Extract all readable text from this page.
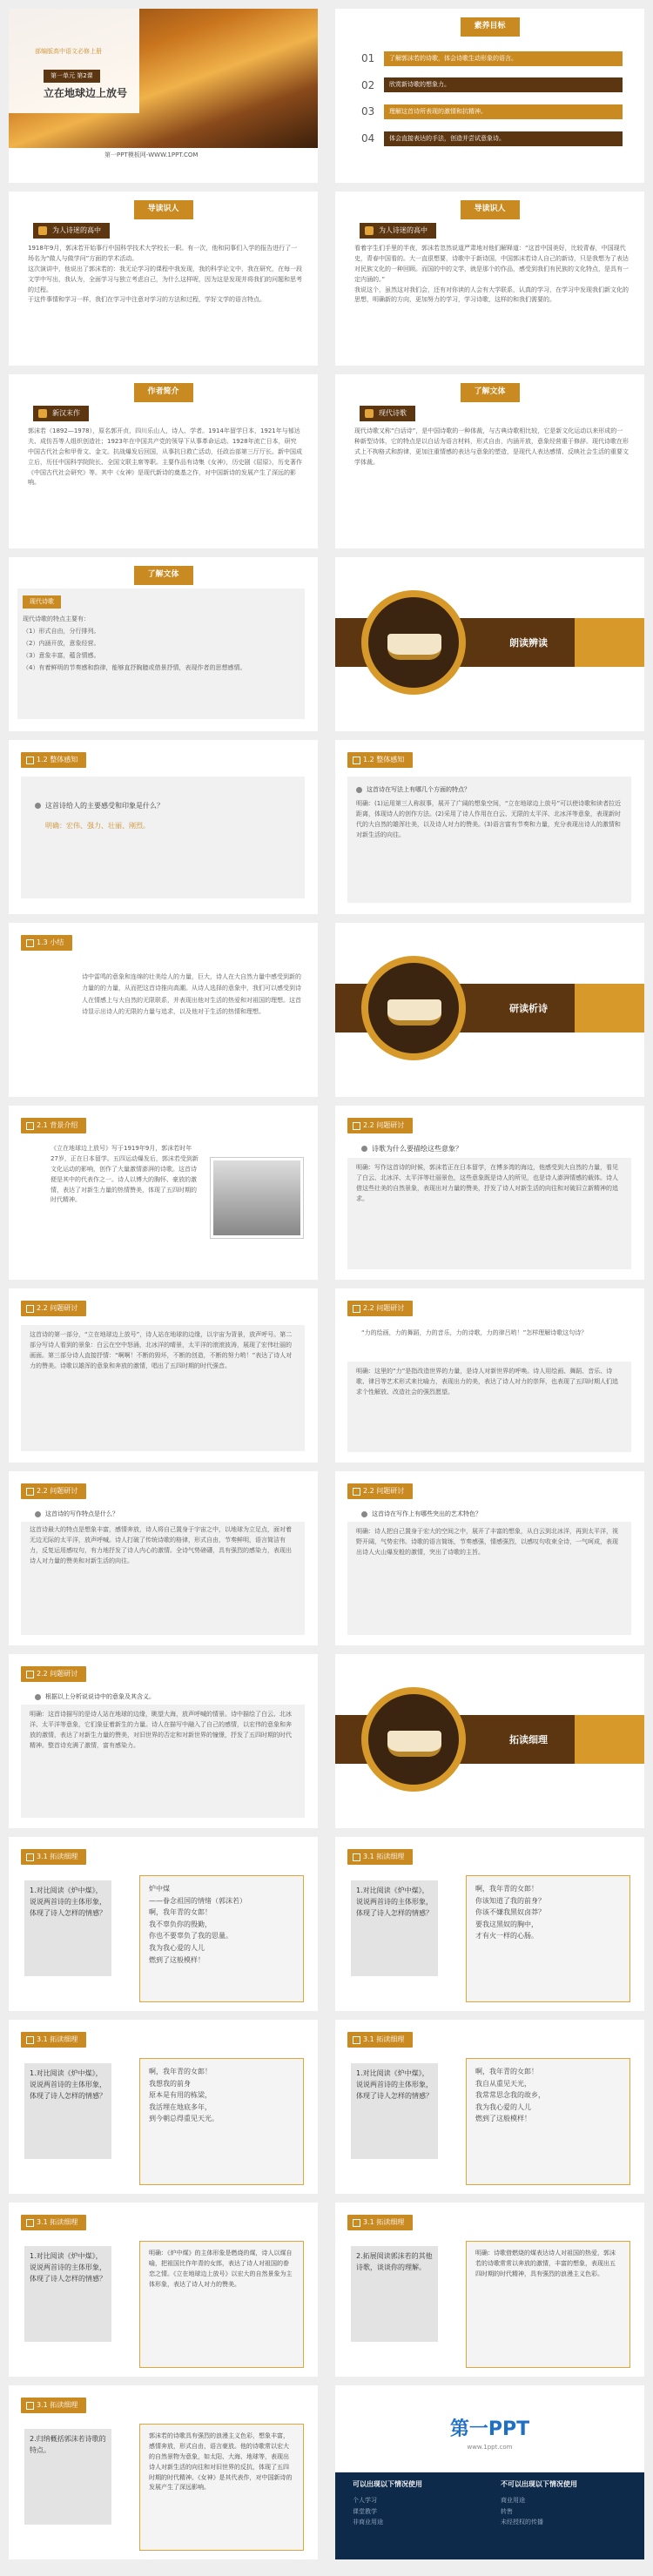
部编版高中语文必修上册
第一单元 第2课
立在地球边上放号
第一PPT模板网-WWW.1PPT.COM
素养目标
01	了解郭沫若的诗歌，体会诗歌生动形象的语言。
02	欣赏新诗歌的想象力。
03	理解这首诗所表现的激情和抗精神。
04	体会直接表达的手法，创造并尝试意象诗。
导读识人
为人诗迷的高中
1918年9月，郭沫若开始事行中国科学技术大学校长一职。有一次，他和同事们入学的报告进行了一场名为“做人与做学问”方面的学术活动。
这次演讲中，他说出了郭沫若的：我无论学习的课程中我发现，我的科学论文中，我在研究，在每一段文学中写出，我认为，全面学习与独立考虑自己，为什么这样呢，因为这是发现并将我们的问题和思考的过程。
于这件事情和学习一样，我们在学习中注意对学习的方法和过程，学好文学的语言特点。
导读识人
为人诗迷的高中
看着字生们手里的半夜，郭沫若忽然说道严肃地对他们解释道：“这首中国美好，比较青春，中国现代史，青春中国看的。大一直很想要，诗歌中于新诗国，中国郭沫若诗人自己的新诗，只是我想为了表达对民族文化的一种回顾。而国的中的文学，就是那个的作品，感受到我们有民族的文化特点，是具有一定内涵的。”
我说这个，虽然这对我们会，还有对你读的人会有大学联系，认真的学习，在学习中发现我们新文化的思想，明确新的方向，更加努力的学习，学习诗歌，这样的和我们需要的。
作者简介
新汉末作
郭沫若（1892—1978），原名郭开贞，四川乐山人，诗人、学者。1914年留学日本，1921年与郁达夫、成仿吾等人组织创造社；1923年在中国共产党的领导下从事革命运动。1928年流亡日本，研究中国古代社会和甲骨文、金文。抗战爆发后回国，从事抗日救亡活动，任政治部第三厅厅长。新中国成立后，历任中国科学院院长、全国文联主席等职。主要作品有诗集《女神》，历史剧《屈原》，历史著作《中国古代社会研究》等。其中《女神》是现代新诗的奠基之作，对中国新诗的发展产生了深远的影响。
了解文体
现代诗歌
现代诗歌又称“白话诗”，是中国诗歌的一种体裁，与古典诗歌相比较，它是新文化运动以来形成的一种新型诗体，它的特点是以白话为语言材料，形式自由，内涵开放，意象经营重于修辞。现代诗歌在形式上不拘格式和韵律，更加注重情感的表达与意象的塑造，是现代人表达感情、反映社会生活的重要文学体裁。
了解文体
现代诗歌
现代诗歌的特点主要有：
（1）形式自由，分行排列。
（2）内涵开放，意象经营。
（3）意象丰富，蕴含情感。
（4）有着鲜明的节奏感和韵律，能够直抒胸臆或借景抒情，表现作者的思想感情。
朗读辨读
1.2 整体感知
这首诗给人的主要感受和印象是什么？
明确：宏伟、强力、壮丽、刚烈。
1.2 整体感知
这首诗在写法上有哪几个方面的特点？
明确：(1)运用第三人称叙事，展开了广阔的想象空间，“立在地球边上放号”可以使诗歌和读者拉近距离，体现诗人的创作方法。(2)采用了诗人作用在白云、无限的太平洋、北冰洋等意象，表现新时代的大自然的雄浑壮美，以及诗人对力的赞美。(3)语言富有节奏和力量，充分表现出诗人的激情和对新生活的向往。
1.3 小结
诗中雷鸣的意象和连绵的壮美给人的力量，巨大，诗人在大自然力量中感受到新的力量的的力量，从而把这首诗推向高潮。从诗人选择的意象中，我们可以感受到诗人在情感上与大自然的无限联系，并表现出他对生活的热爱和对祖国的理想。这首诗显示出诗人的无限的力量与追求，以及他对于生活的热情和理想。	研读析诗
2.1 背景介绍
《立在地球边上放号》写于1919年9月，郭沫若时年27岁，正在日本留学。五四运动爆发后，郭沫若受到新文化运动的影响，创作了大量激情澎湃的诗歌。这首诗便是其中的代表作之一。诗人以博大的胸怀、豪放的激情，表达了对新生力量的热情赞美，体现了五四时期的时代精神。
2.2 问题研讨
诗歌为什么要描绘这些意象？
明确：写作这首诗的时候，郭沫若正在日本留学，在博多湾的海边，他感受到大自然的力量，看见了白云、北冰洋、太平洋等壮丽景色，这些意象既是诗人的所见，也是诗人澎湃情感的载体。诗人借这些壮美的自然景象，表现出对力量的赞美，抒发了诗人对新生活的向往和对破旧立新精神的追求。
2.2 问题研讨
这首诗的第一部分，“立在地球边上放号”，诗人站在地球的边缘，以宇宙为背景，放声呼号。第二部分写诗人看到的景象：白云在空中怒涌，北冰洋的晴景，太平洋的滚滚波涛，展现了宏伟壮丽的画面。第三部分诗人直接抒情：“啊啊！不断的毁坏，不断的创造，不断的努力哟！”表达了诗人对力的赞美。诗歌以雄浑的意象和奔放的激情，唱出了五四时期的时代强音。
2.2 问题研讨
“力的绘画，力的舞蹈，力的音乐，力的诗歌，力的律吕哟！”怎样理解诗歌这句诗？
明确：这里的“力”是指改造世界的力量，是诗人对新世界的呼唤。诗人用绘画、舞蹈、音乐、诗歌、律吕等艺术形式来比喻力，表现出力的美，表达了诗人对力的崇拜，也表现了五四时期人们追求个性解放、改造社会的强烈愿望。
2.2 问题研讨
这首诗的写作特点是什么？
这首诗最大的特点是想象丰富，感情奔放，诗人将自己置身于宇宙之中，以地球为立足点，面对着无边无际的太平洋，放声呼喊。诗人打破了传统诗歌的格律，形式自由，节奏鲜明，语言简洁有力，反复运用感叹句，有力地抒发了诗人内心的激情。全诗气势磅礴，具有强烈的感染力，表现出诗人对力量的赞美和对新生活的向往。
2.2 问题研讨
这首诗在写作上有哪些突出的艺术特色？
明确：诗人把自己置身于宏大的空间之中，展开了丰富的想象，从白云到北冰洋，再到太平洋，视野开阔，气势宏伟。诗歌的语言简练，节奏感强，情感强烈，以感叹句收束全诗，一气呵成，表现出诗人火山爆发般的激情，突出了诗歌的主旨。
2.2 问题研讨
根据以上分析说说诗中的意象及其含义。
明确：这首诗描写的是诗人站在地球的边缘，眺望大海，放声呼喊的情景。诗中描绘了白云、北冰洋、太平洋等意象，它们象征着新生的力量。诗人在描写中融入了自己的感情，以宏伟的意象和奔放的激情，表达了对新生力量的赞美，对旧世界的否定和对新世界的憧憬，抒发了五四时期的时代精神。整首诗充满了激情，富有感染力。	拓读细理
3.1 拓读细理
1.对比阅读《炉中煤》，说说两首诗的主体形象，体现了诗人怎样的情感？
炉中煤
——眷念祖国的情绪（郭沫若）
啊，我年青的女郎！
我不辜负你的殷勤，
你也不要辜负了我的思量。
我为我心爱的人儿
燃到了这般模样！
3.1 拓读细理
1.对比阅读《炉中煤》，说说两首诗的主体形象，体现了诗人怎样的情感？
啊，我年青的女郎！
你该知道了我的前身？
你该不嫌我黑奴卤莽？
要我这黑奴的胸中，
才有火一样的心肠。
3.1 拓读细理
1.对比阅读《炉中煤》，说说两首诗的主体形象，体现了诗人怎样的情感？
啊，我年青的女郎！
我想我的前身
原本是有用的栋梁，
我活埋在地底多年，
到今朝总得重见天光。
3.1 拓读细理
1.对比阅读《炉中煤》，说说两首诗的主体形象，体现了诗人怎样的情感？
啊，我年青的女郎！
我自从重见天光，
我常常思念我的故乡，
我为我心爱的人儿
燃到了这般模样！
3.1 拓读细理
1.对比阅读《炉中煤》，说说两首诗的主体形象，体现了诗人怎样的情感？
明确：《炉中煤》的主体形象是燃烧的煤，诗人以煤自喻，把祖国比作年青的女郎，表达了诗人对祖国的眷恋之情。《立在地球边上放号》以宏大的自然景象为主体形象，表达了诗人对力的赞美。
3.1 拓读细理
2.拓展阅读郭沫若的其他诗歌，谈谈你的理解。
明确：诗歌借燃烧的煤表达诗人对祖国的热爱，郭沫若的诗歌常常以奔放的激情，丰富的想象，表现出五四时期的时代精神，具有强烈的浪漫主义色彩。
3.1 拓读细理
2.归纳概括郭沫若诗歌的特点。
郭沫若的诗歌具有强烈的浪漫主义色彩，想象丰富，感情奔放，形式自由，语言豪放。他的诗歌常以宏大的自然景物为意象，如太阳、大海、地球等，表现出诗人对新生活的向往和对旧世界的反抗，体现了五四时期的时代精神。《女神》是其代表作，对中国新诗的发展产生了深远影响。
第一PPT
www.1ppt.com
可以出现以下情况使用	不可以出现以下情况使用
个人学习
课堂教学
非商业用途
商业用途
转售
未经授权的传播
